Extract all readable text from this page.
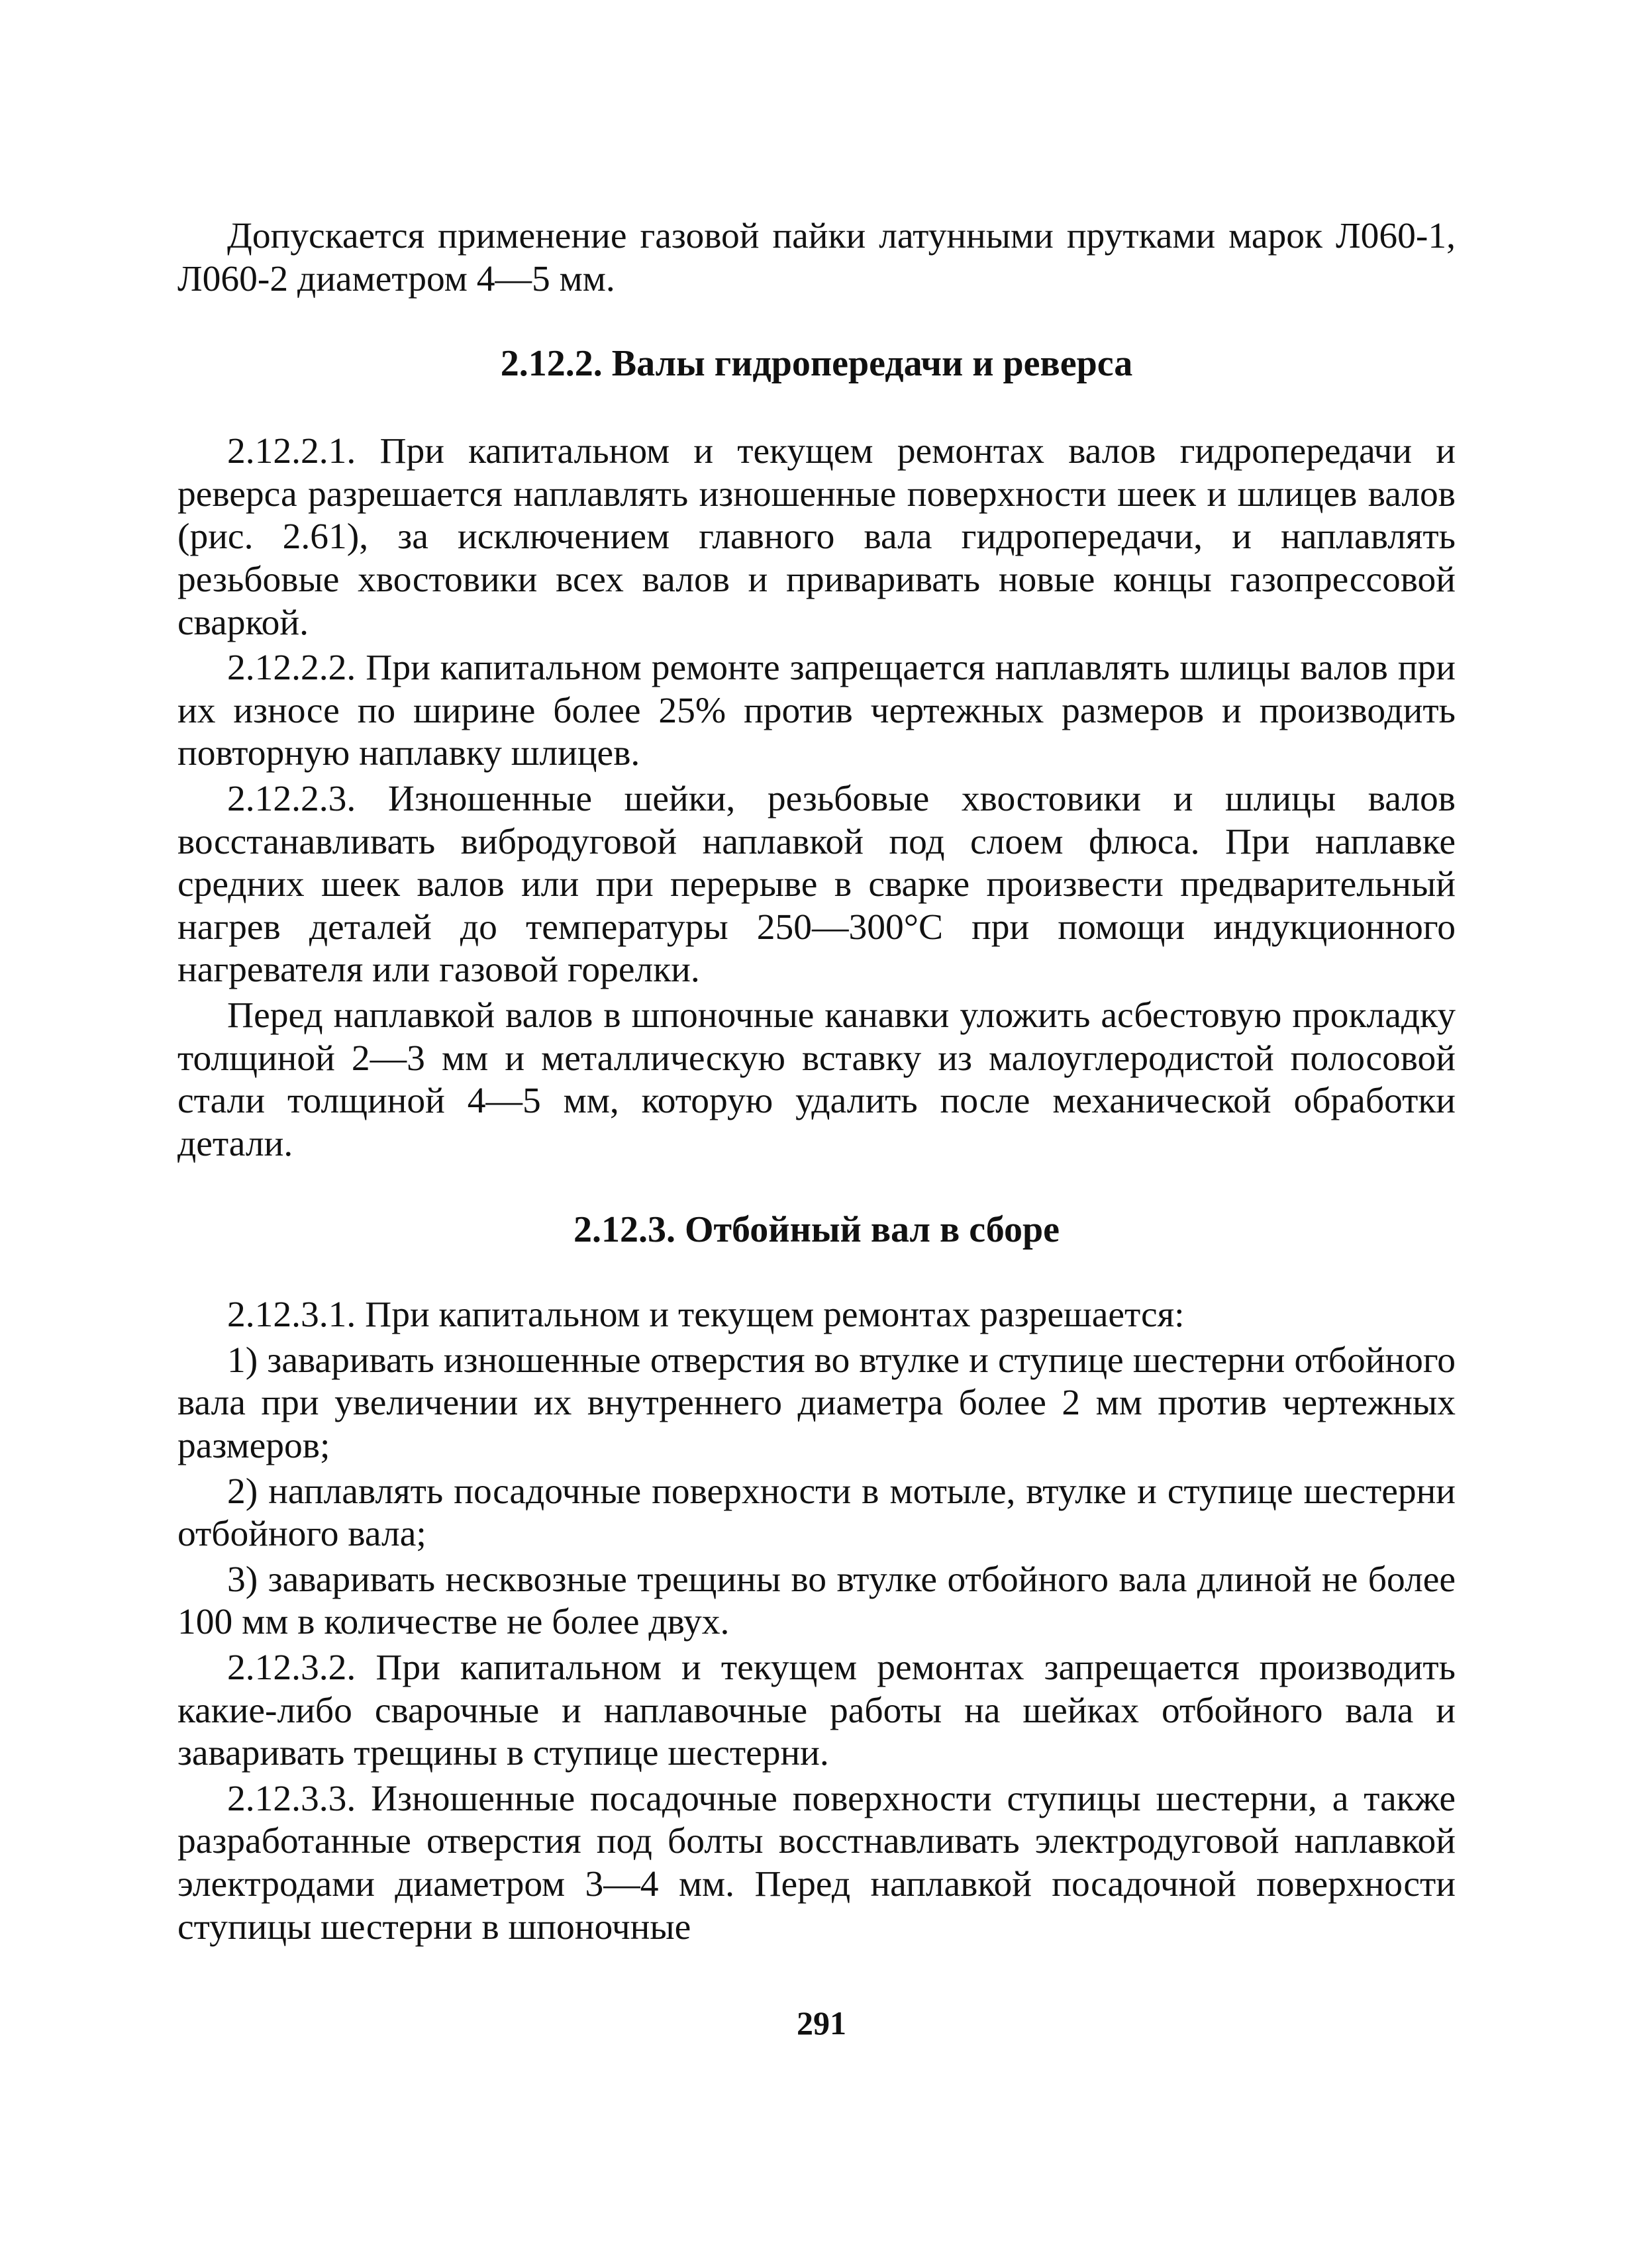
Допускается применение газовой пайки латунными прутками марок Л060-1, Л060-2 диаметром 4—5 мм.

2.12.2. Валы гидропередачи и реверса

2.12.2.1. При капитальном и текущем ремонтах валов гидропередачи и реверса разрешается наплавлять изношенные поверхности шеек и шлицев валов (рис. 2.61), за исключением главного вала гидропередачи, и наплавлять резьбовые хвостовики всех валов и приваривать новые концы газопрессовой сваркой.

2.12.2.2. При капитальном ремонте запрещается наплавлять шлицы валов при их износе по ширине более 25% против чертежных размеров и производить повторную наплавку шлицев.

2.12.2.3. Изношенные шейки, резьбовые хвостовики и шлицы валов восстанавливать вибродуговой наплавкой под слоем флюса. При наплавке средних шеек валов или при перерыве в сварке произвести предварительный нагрев деталей до температуры 250—300°С при помощи индукционного нагревателя или газовой горелки.

Перед наплавкой валов в шпоночные канавки уложить асбестовую прокладку толщиной 2—3 мм и металлическую вставку из малоуглеродистой полосовой стали толщиной 4—5 мм, которую удалить после механической обработки детали.

2.12.3. Отбойный вал в сборе

2.12.3.1. При капитальном и текущем ремонтах разрешается:

1) заваривать изношенные отверстия во втулке и ступице шестерни отбойного вала при увеличении их внутреннего диаметра более 2 мм против чертежных размеров;

2) наплавлять посадочные поверхности в мотыле, втулке и ступице шестерни отбойного вала;

3) заваривать несквозные трещины во втулке отбойного вала длиной не более 100 мм в количестве не более двух.

2.12.3.2. При капитальном и текущем ремонтах запрещается производить какие-либо сварочные и наплавочные работы на шейках отбойного вала и заваривать трещины в ступице шестерни.

2.12.3.3. Изношенные посадочные поверхности ступицы шестерни, а также разработанные отверстия под болты восстнавливать электродуговой наплавкой электродами диаметром 3—4 мм. Перед наплавкой посадочной поверхности ступицы шестерни в шпоночные

291
